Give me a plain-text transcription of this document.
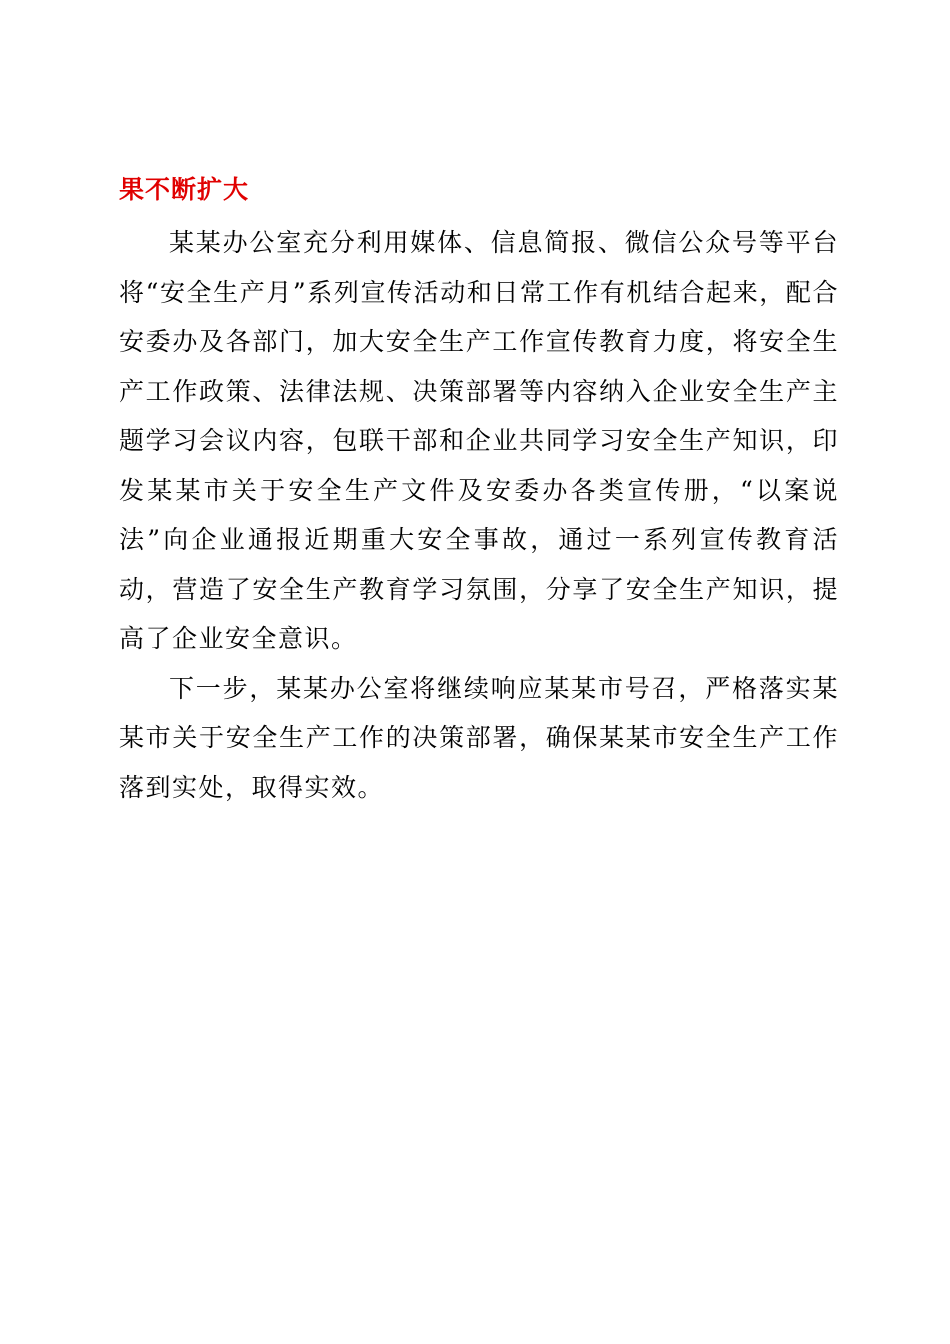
果不断扩大

某某办公室充分利用媒体、信息简报、微信公众号等平台将“安全生产月”系列宣传活动和日常工作有机结合起来，配合安委办及各部门，加大安全生产工作宣传教育力度，将安全生产工作政策、法律法规、决策部署等内容纳入企业安全生产主题学习会议内容，包联干部和企业共同学习安全生产知识，印发某某市关于安全生产文件及安委办各类宣传册，“以案说法”向企业通报近期重大安全事故，通过一系列宣传教育活动，营造了安全生产教育学习氛围，分享了安全生产知识，提高了企业安全意识。

下一步，某某办公室将继续响应某某市号召，严格落实某某市关于安全生产工作的决策部署，确保某某市安全生产工作落到实处，取得实效。
